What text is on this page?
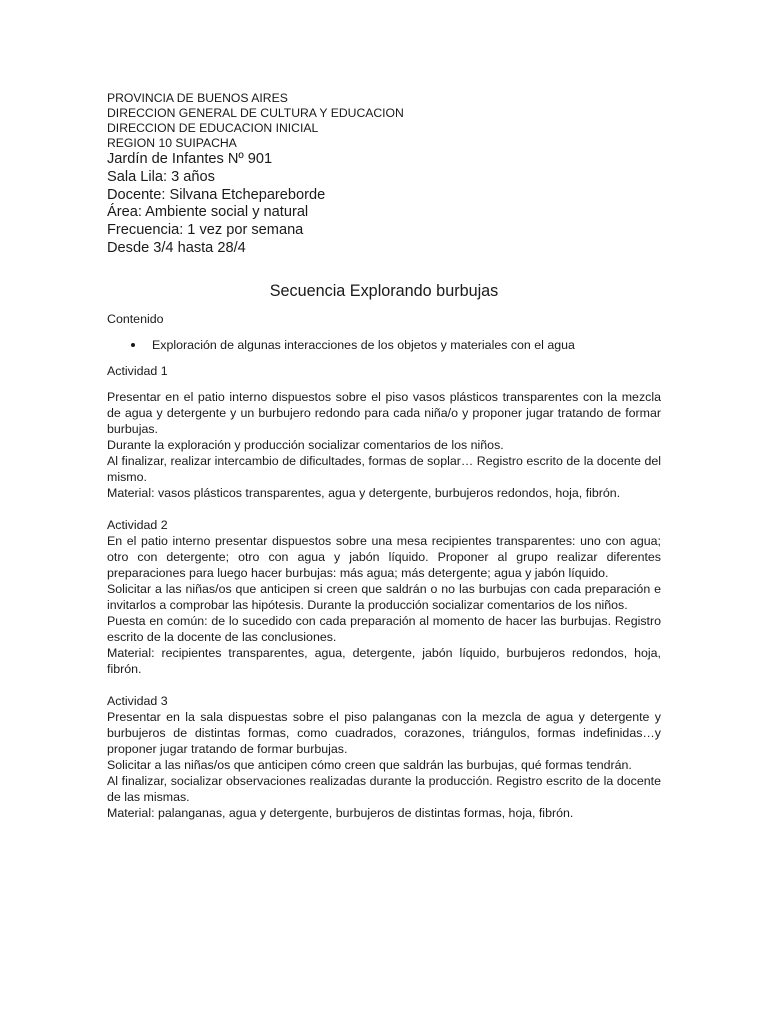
PROVINCIA DE BUENOS AIRES
DIRECCION GENERAL DE CULTURA Y EDUCACION
DIRECCION DE EDUCACION INICIAL
REGION 10 SUIPACHA
Jardín de Infantes Nº 901
Sala Lila: 3 años
Docente: Silvana Etchepareborde
Área: Ambiente social y natural
Frecuencia: 1 vez por semana
Desde 3/4 hasta 28/4
Secuencia Explorando burbujas
Contenido
Exploración de algunas interacciones de los objetos y materiales con el agua
Actividad 1
Presentar en el patio interno dispuestos sobre el piso vasos plásticos transparentes con la mezcla de agua y detergente y un burbujero redondo para cada niña/o y proponer jugar tratando de formar burbujas.
Durante la exploración y producción socializar comentarios de los niños.
Al finalizar, realizar intercambio de dificultades, formas de soplar… Registro escrito de la docente del mismo.
Material: vasos plásticos transparentes, agua y detergente, burbujeros redondos, hoja, fibrón.
Actividad 2
En el patio interno presentar dispuestos sobre una mesa recipientes transparentes: uno con agua; otro con detergente; otro con agua y jabón líquido. Proponer al grupo realizar diferentes preparaciones para luego hacer burbujas: más agua; más detergente; agua y jabón líquido.
Solicitar a las niñas/os que anticipen si creen que saldrán o no las burbujas con cada preparación e invitarlos a comprobar las hipótesis. Durante la producción socializar comentarios de los niños.
Puesta en común: de lo sucedido con cada preparación al momento de hacer las burbujas. Registro escrito de la docente de las conclusiones.
Material: recipientes transparentes, agua, detergente, jabón líquido, burbujeros redondos, hoja, fibrón.
Actividad 3
Presentar en la sala dispuestas sobre el piso palanganas con la mezcla de agua y detergente y burbujeros de distintas formas, como cuadrados, corazones, triángulos, formas indefinidas…y proponer jugar tratando de formar burbujas.
Solicitar a las niñas/os que anticipen cómo creen que saldrán las burbujas, qué formas tendrán.
Al finalizar, socializar observaciones realizadas durante la producción. Registro escrito de la docente de las mismas.
Material: palanganas, agua y detergente, burbujeros de distintas formas, hoja, fibrón.
